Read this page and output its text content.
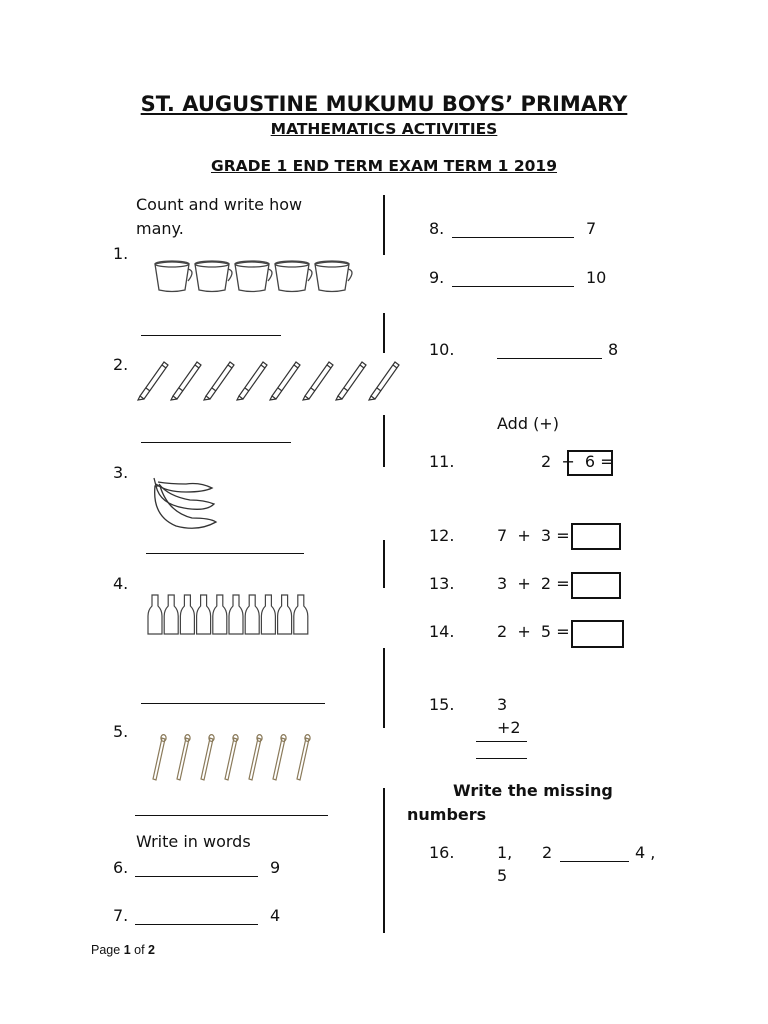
ST. AUGUSTINE MUKUMU BOYS’ PRIMARY
MATHEMATICS ACTIVITIES
GRADE 1 END TERM EXAM TERM 1 2019
Count and write how
many.
1.
2.
3.
4.
5.
Write in words
6.	9
7.	4
8.	7
9.	10
10.	8
Add (+)
11.	2  +  6 =
12.	7  +  3 =
13.	3  +  2 =
14.	2  +  5 =
15.	3
+2
Write the missing
numbers
16.	1, 2	4 ,
5
Page 1 of 2
